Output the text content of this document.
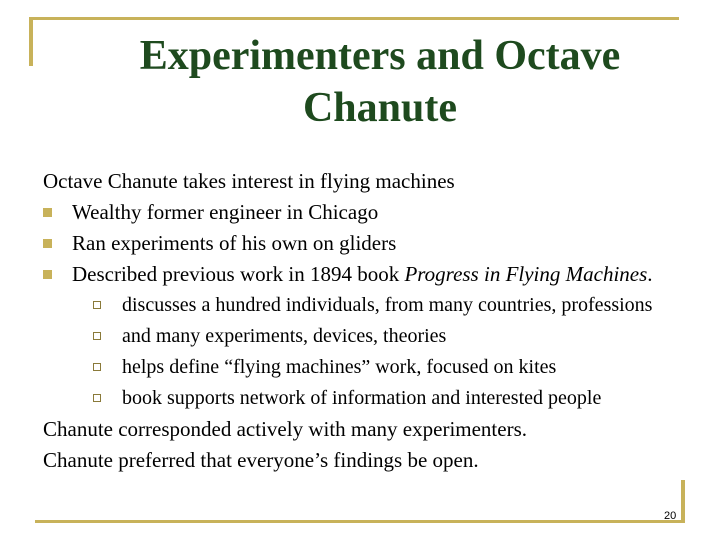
Experimenters and Octave Chanute
Octave Chanute takes interest in flying machines
Wealthy former engineer in Chicago
Ran experiments of his own on gliders
Described previous work in 1894 book Progress in Flying Machines.
discusses a hundred individuals, from many countries, professions
and many experiments, devices, theories
helps define “flying machines” work, focused on kites
book supports network of information and interested people
Chanute corresponded actively with many experimenters.
Chanute preferred that everyone’s findings be open.
20
